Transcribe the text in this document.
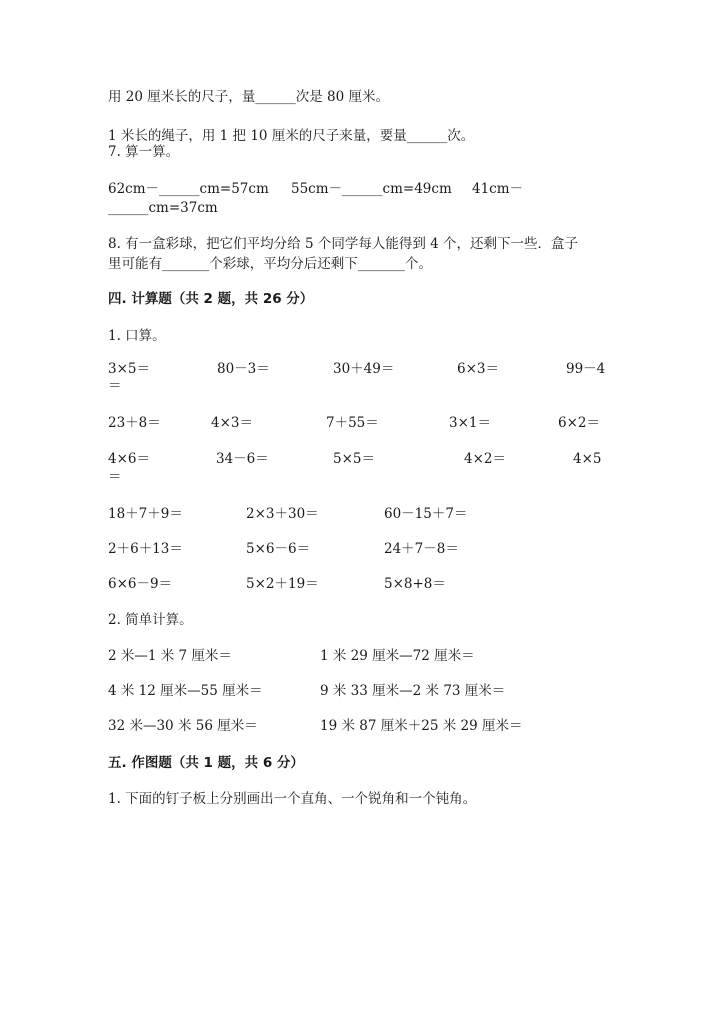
用 20 厘米长的尺子，量______次是 80 厘米。
1 米长的绳子，用 1 把 10 厘米的尺子来量，要量______次。
7. 算一算。
62cm－______cm=57cm 55cm－______cm=49cm 41cm－
______cm=37cm
8. 有一盒彩球，把它们平均分给 5 个同学每人能得到 4 个，还剩下一些．盒子
里可能有_______个彩球，平均分后还剩下_______个。
四. 计算题（共 2 题，共 26 分）
1. 口算。
3×5＝	80－3＝	30＋49＝	6×3＝	99－4
＝
23＋8＝	4×3＝	7＋55＝	3×1＝	6×2＝
4×6＝	34－6＝	5×5＝	4×2＝	4×5
＝
18＋7＋9＝	2×3＋30＝	60－15＋7＝
2＋6＋13＝	5×6－6＝	24＋7－8＝
6×6－9＝	5×2＋19＝	5×8+8＝
2. 简单计算。
2 米—1 米 7 厘米＝	1 米 29 厘米—72 厘米＝
4 米 12 厘米—55 厘米＝	9 米 33 厘米—2 米 73 厘米＝
32 米—30 米 56 厘米＝	19 米 87 厘米＋25 米 29 厘米＝
五. 作图题（共 1 题，共 6 分）
1. 下面的钉子板上分别画出一个直角、一个锐角和一个钝角。
